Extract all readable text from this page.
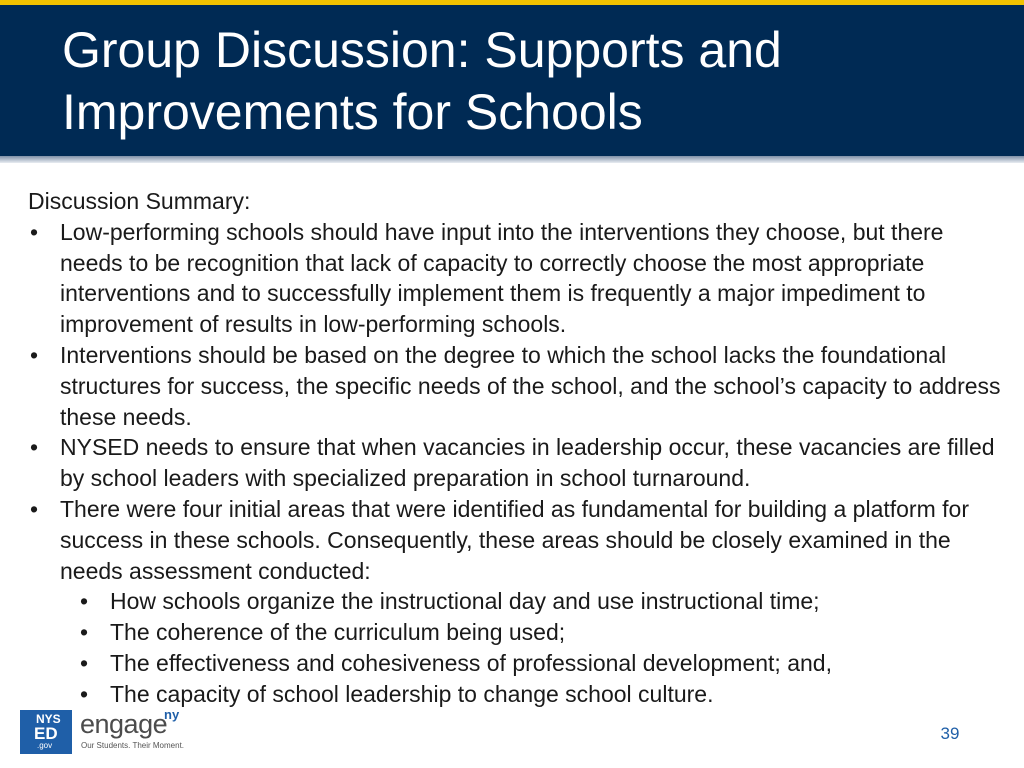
Group Discussion: Supports and Improvements for Schools

Discussion Summary:

• Low-performing schools should have input into the interventions they choose, but there needs to be recognition that lack of capacity to correctly choose the most appropriate interventions and to successfully implement them is frequently a major impediment to improvement of results in low-performing schools.
• Interventions should be based on the degree to which the school lacks the foundational structures for success, the specific needs of the school, and the school’s capacity to address these needs.
• NYSED needs to ensure that when vacancies in leadership occur, these vacancies are filled by school leaders with specialized preparation in school turnaround.
• There were four initial areas that were identified as fundamental for building a platform for success in these schools. Consequently, these areas should be closely examined in the needs assessment conducted:
• How schools organize the instructional day and use instructional time;
• The coherence of the curriculum being used;
• The effectiveness and cohesiveness of professional development; and,
• The capacity of school leadership to change school culture.
NYS
ED
.gov
engage
ny
Our Students. Their Moment.
39
